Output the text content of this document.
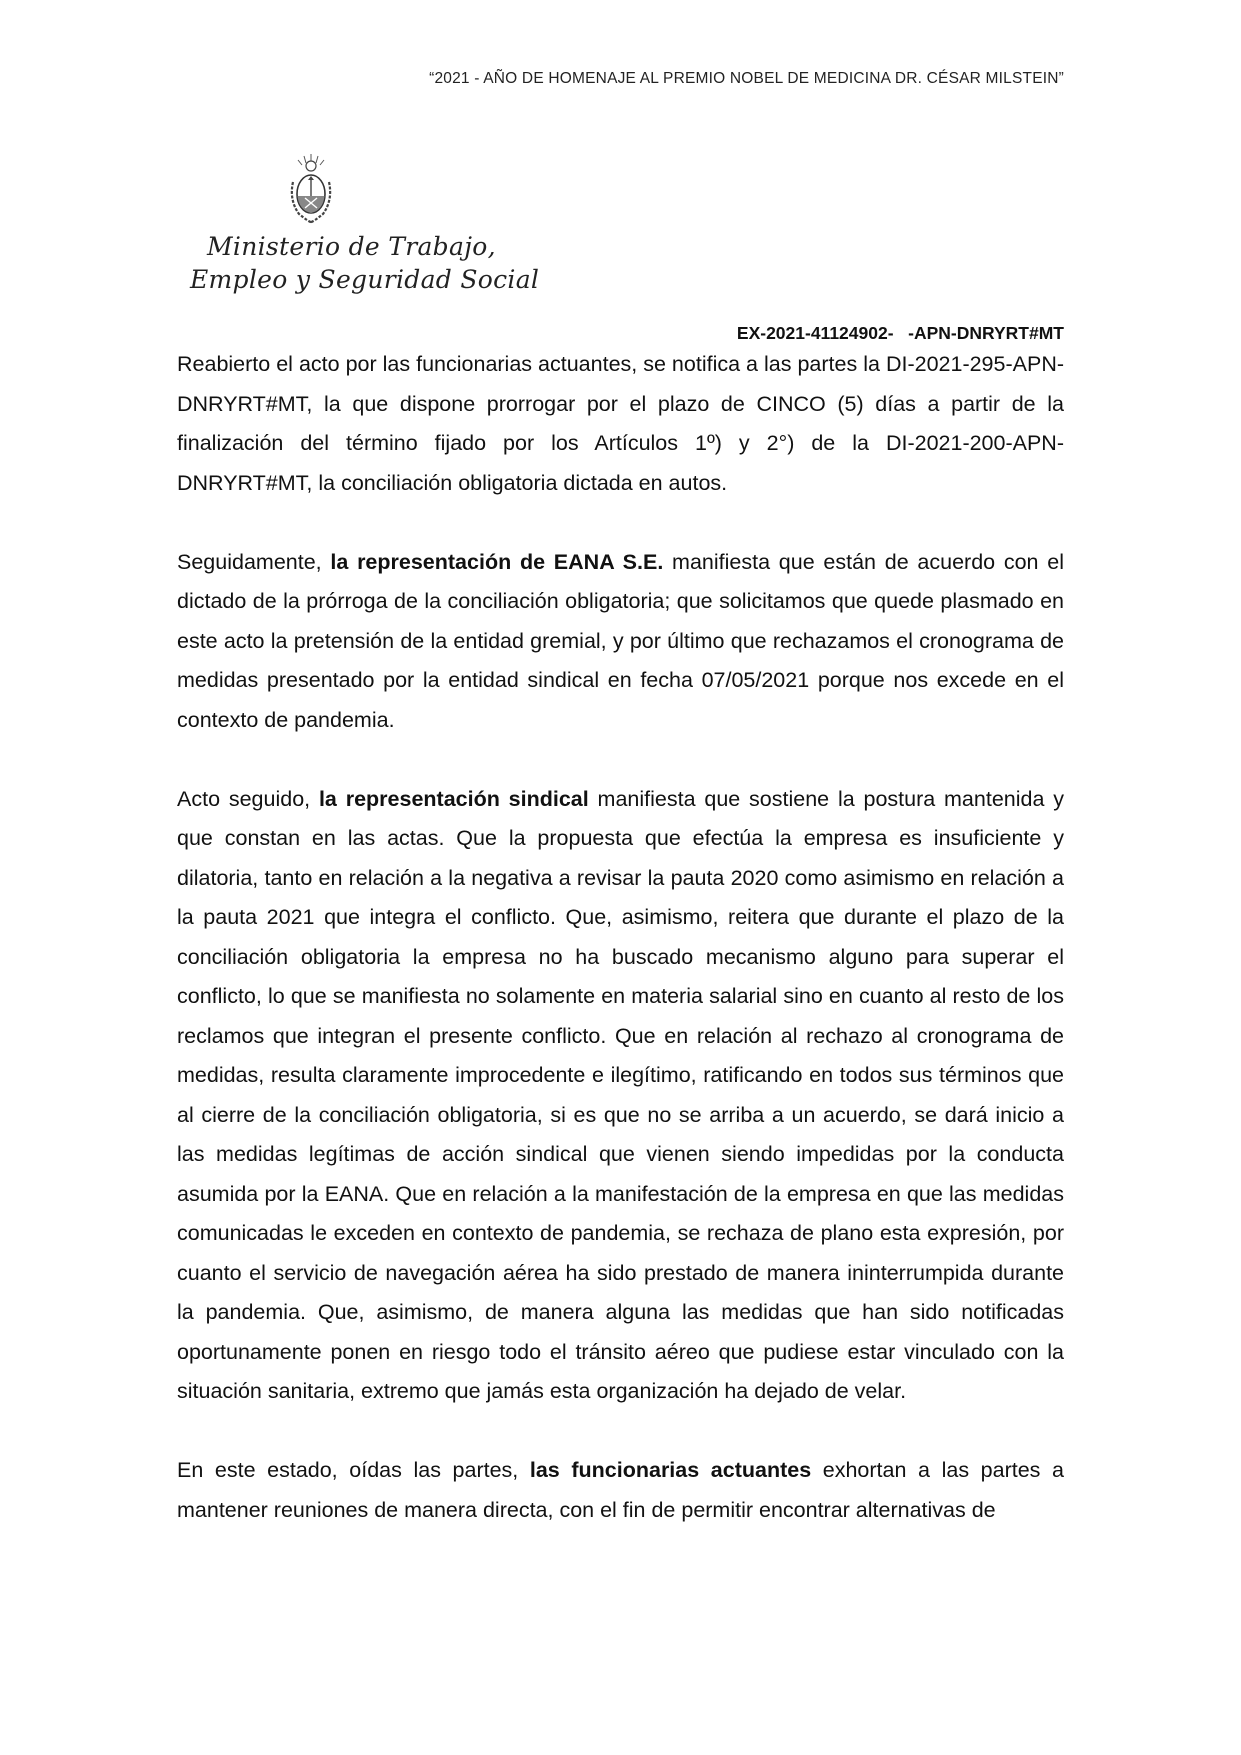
“2021 - AÑO DE HOMENAJE AL PREMIO NOBEL DE MEDICINA DR. CÉSAR MILSTEIN”
Ministerio de Trabajo,
Empleo y Seguridad Social
EX-2021-41124902-   -APN-DNRYRT#MT

Reabierto el acto por las funcionarias actuantes, se notifica a las partes la DI-2021-295-APN-DNRYRT#MT, la que dispone prorrogar por el plazo de CINCO (5) días a partir de la finalización del término fijado por los Artículos 1º) y 2°) de la DI-2021-200-APN-DNRYRT#MT, la conciliación obligatoria dictada en autos.

Seguidamente, la representación de EANA S.E. manifiesta que están de acuerdo con el dictado de la prórroga de la conciliación obligatoria; que solicitamos que quede plasmado en este acto la pretensión de la entidad gremial, y por último que rechazamos el cronograma de medidas presentado por la entidad sindical en fecha 07/05/2021 porque nos excede en el contexto de pandemia.

Acto seguido, la representación sindical manifiesta que sostiene la postura mantenida y que constan en las actas. Que la propuesta que efectúa la empresa es insuficiente y dilatoria, tanto en relación a la negativa a revisar la pauta 2020 como asimismo en relación a la pauta 2021 que integra el conflicto. Que, asimismo, reitera que durante el plazo de la conciliación obligatoria la empresa no ha buscado mecanismo alguno para superar el conflicto, lo que se manifiesta no solamente en materia salarial sino en cuanto al resto de los reclamos que integran el presente conflicto. Que en relación al rechazo al cronograma de medidas, resulta claramente improcedente e ilegítimo, ratificando en todos sus términos que al cierre de la conciliación obligatoria, si es que no se arriba a un acuerdo, se dará inicio a las medidas legítimas de acción sindical que vienen siendo impedidas por la conducta asumida por la EANA. Que en relación a la manifestación de la empresa en que las medidas comunicadas le exceden en contexto de pandemia, se rechaza de plano esta expresión, por cuanto el servicio de navegación aérea ha sido prestado de manera ininterrumpida durante la pandemia. Que, asimismo, de manera alguna las medidas que han sido notificadas oportunamente ponen en riesgo todo el tránsito aéreo que pudiese estar vinculado con la situación sanitaria, extremo que jamás esta organización ha dejado de velar.

En este estado, oídas las partes, las funcionarias actuantes exhortan a las partes a mantener reuniones de manera directa, con el fin de permitir encontrar alternativas de
